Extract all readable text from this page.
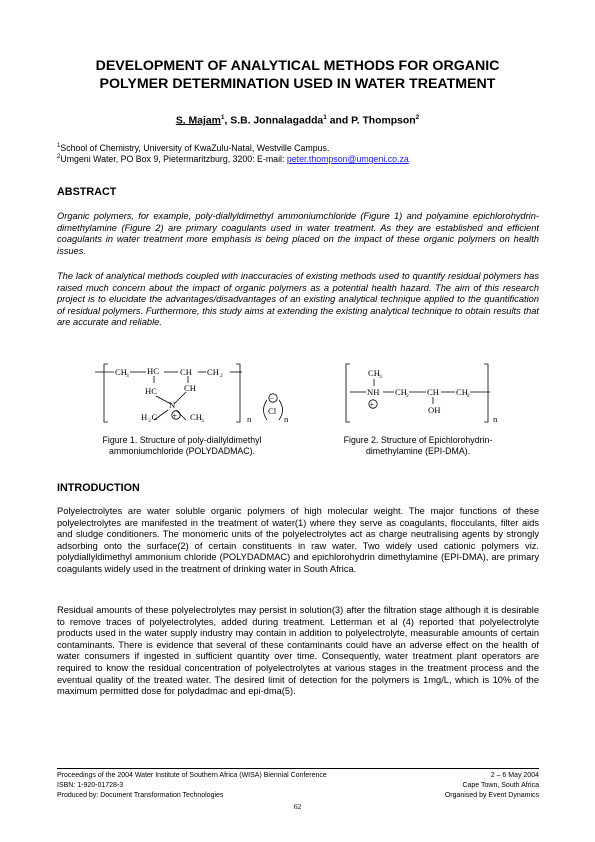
DEVELOPMENT OF ANALYTICAL METHODS FOR ORGANIC
POLYMER DETERMINATION USED IN WATER TREATMENT
S. Majam$^1$, S.B. Jonnalagadda$^1$ and P. Thompson$^2$
$^1$School of Chemistry, University of KwaZulu-Natal, Westville Campus.
$^2$Umgeni Water, PO Box 9, Pietermaritzburg, 3200: E-mail: peter.thompson@umgeni.co.za
ABSTRACT
Organic polymers, for example, poly-diallyldimethyl ammoniumchloride (Figure 1) and polyamine epichlorohydrin-dimethylamine (Figure 2) are primary coagulants used in water treatment. As they are established and efficient coagulants in water treatment more emphasis is being placed on the impact of these organic polymers on health issues.
The lack of analytical methods coupled with inaccuracies of existing methods used to quantify residual polymers has raised much concern about the impact of organic polymers as a potential health hazard. The aim of this research project is to elucidate the advantages/disadvantages of an existing analytical technique applied to the quantification of residual polymers. Furthermore, this study aims at extending the existing analytical technique to obtain results that are accurate and reliable.
CH 3 HC CH CH 2
HC	CH
N
+
H 3 C	CH 3	n
Cl
−
n
Figure 1. Structure of poly-diallyldimethyl
ammoniumchloride (POLYDADMAC).
CH 3
NH CH 2 CH CH 2
+
OH
n
Figure 2. Structure of Epichlorohydrin-
dimethylamine (EPI-DMA).
INTRODUCTION
Polyelectrolytes are water soluble organic polymers of high molecular weight. The major functions of these polyelectrolytes are manifested in the treatment of water(1) where they serve as coagulants, flocculants, filter aids and sludge conditioners. The monomeric units of the polyelectrolytes act as charge neutralising agents by strongly adsorbing onto the surface(2) of certain constituents in raw water. Two widely used cationic polymers viz. polydiallyldimethyl ammonium chloride (POLYDADMAC) and epichlorohydrin dimethylamine (EPI-DMA), are primary coagulants widely used in the treatment of drinking water in South Africa.
Residual amounts of these polyelectrolytes may persist in solution(3) after the filtration stage although it is desirable to remove traces of polyelectrolytes, added during treatment. Letterman et al (4) reported that polyelectrolyte products used in the water supply industry may contain in addition to polyelectrolyte, measurable amounts of certain contaminants. There is evidence that several of these contaminants could have an adverse effect on the health of water consumers if ingested in sufficient quantity over time. Consequently, water treatment plant operators are required to know the residual concentration of polyelectrolytes at various stages in the treatment process and the eventual quality of the treated water. The desired limit of detection for the polymers is 1mg/L, which is 10% of the maximum permitted dose for polydadmac and epi-dma(5).
Proceedings of the 2004 Water Institute of Southern Africa (WISA) Biennial Conference
ISBN: 1-920-01728-3
Produced by: Document Transformation Technologies
2 – 6 May 2004
Cape Town, South Africa
Organised by Event Dynamics
62
